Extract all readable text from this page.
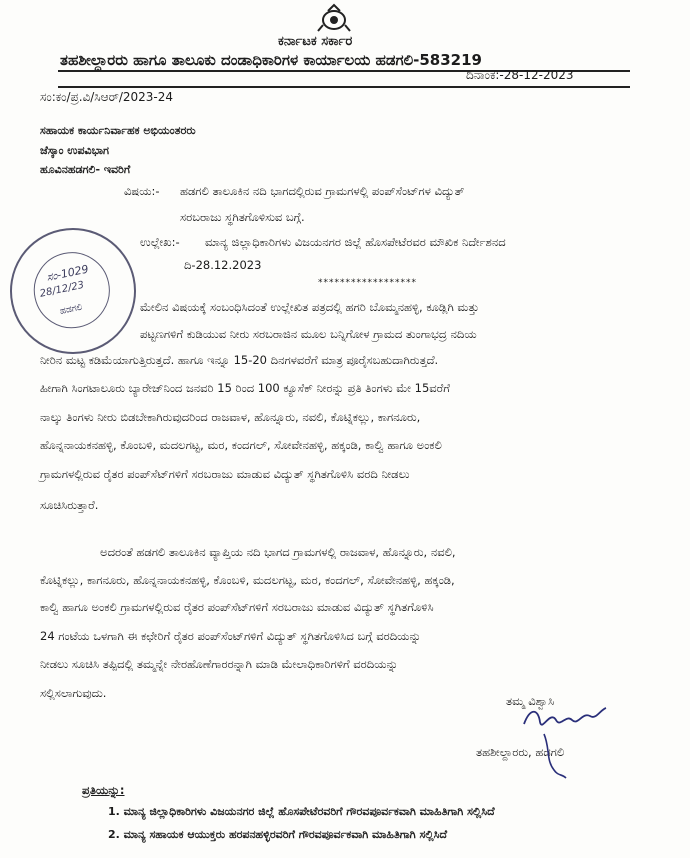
ಕರ್ನಾಟಕ ಸರ್ಕಾರ
ತಹಶೀಲ್ದಾರರು ಹಾಗೂ ತಾಲೂಕು ದಂಡಾಧಿಕಾರಿಗಳ ಕಾರ್ಯಾಲಯ ಹಡಗಲಿ-583219
ದಿನಾಂಕ:-28-12-2023
ಸಂ:ಕಂ/ಪ್ರ.ವಿ/ಸಿಆರ್/2023-24
ಸಹಾಯಕ ಕಾರ್ಯನಿರ್ವಾಹಕ ಅಭಿಯಂತರರು
ಜೆಸ್ಕಾಂ ಉಪವಿಭಾಗ
ಹೂವಿನಹಡಗಲಿ- ಇವರಿಗೆ
ವಿಷಯ:- ಹಡಗಲಿ ತಾಲೂಕಿನ ನದಿ ಭಾಗದಲ್ಲಿರುವ ಗ್ರಾಮಗಳಲ್ಲಿ ಪಂಪ್‌ಸೆಂಟ್‌ಗಳ ವಿದ್ಯುತ್
ಸರಬರಾಜು ಸ್ಥಗಿತಗೊಳಿಸುವ ಬಗ್ಗೆ.
ಉಲ್ಲೇಖ:- ಮಾನ್ಯ ಜಿಲ್ಲಾಧಿಕಾರಿಗಳು ವಿಜಯನಗರ ಜಿಲ್ಲೆ ಹೊಸಪೇಟೆರವರ ಮೌಖಿಕ ನಿರ್ದೇಶನದ
ದಿ-28.12.2023
******************
ಮೇಲಿನ ವಿಷಯಕ್ಕೆ ಸಂಬಂಧಿಸಿದಂತೆ ಉಲ್ಲೇಖಿತ ಪತ್ರದಲ್ಲಿ ಹಗರಿ ಬೊಮ್ಮನಹಳ್ಳಿ, ಕೂಡ್ಲಿಗಿ ಮತ್ತು
ಪಟ್ಟಣಗಳಿಗೆ ಕುಡಿಯುವ ನೀರು ಸರಬರಾಜಿನ ಮೂಲ ಬನ್ನಿಗೋಳ ಗ್ರಾಮದ ತುಂಗಾಭದ್ರ ನದಿಯ
ನೀರಿನ ಮಟ್ಟ ಕಡಿಮೆಯಾಗುತ್ತಿರುತ್ತದೆ. ಹಾಗೂ ಇನ್ನೂ 15-20 ದಿನಗಳವರೆಗೆ ಮಾತ್ರ ಪೂರೈಸಬಹುದಾಗಿರುತ್ತದೆ.
ಹೀಗಾಗಿ ಸಿಂಗಟಾಲೂರು ಬ್ಯಾರೇಜ್‌ನಿಂದ ಜನವರಿ 15 ರಿಂದ 100 ಕ್ಯೂಸೆಕ್ ನೀರನ್ನು ಪ್ರತಿ ತಿಂಗಳು ಮೇ 15ವರೆಗೆ
ನಾಲ್ಕು ತಿಂಗಳು ನೀರು ಬಿಡಬೇಕಾಗಿರುವುದರಿಂದ ರಾಜವಾಳ, ಹೊನ್ನೂರು, ನವಲಿ, ಕೊಟ್ನಿಕಲ್ಲು, ಕಾಗನೂರು,
ಹೊನ್ನನಾಯಕನಹಳ್ಳಿ, ಕೊಂಬಳಿ, ಮದಲಗಟ್ಟ, ಮರ, ಕಂದಗಲ್, ಸೋವೇನಹಳ್ಳಿ, ಹಕ್ಕಂಡಿ, ಕಾಲ್ವಿ ಹಾಗೂ ಅಂಕಲಿ
ಗ್ರಾಮಗಳಲ್ಲಿರುವ ರೈತರ ಪಂಪ್‌ಸೆಟ್‌ಗಳಿಗೆ ಸರಬರಾಜು ಮಾಡುವ ವಿದ್ಯುತ್ ಸ್ಥಗಿತಗೊಳಿಸಿ ವರದಿ ನೀಡಲು
ಸೂಚಿಸಿರುತ್ತಾರೆ.
ಅದರಂತೆ ಹಡಗಲಿ ತಾಲೂಕಿನ ವ್ಯಾಪ್ತಿಯ ನದಿ ಭಾಗದ ಗ್ರಾಮಗಳಲ್ಲಿ ರಾಜವಾಳ, ಹೊನ್ನೂರು, ನವಲಿ,
ಕೊಟ್ನಿಕಲ್ಲು, ಕಾಗನೂರು, ಹೊನ್ನನಾಯಕನಹಳ್ಳಿ, ಕೊಂಬಳಿ, ಮದಲಗಟ್ಟ, ಮರ, ಕಂದಗಲ್, ಸೋವೇನಹಳ್ಳಿ, ಹಕ್ಕಂಡಿ,
ಕಾಲ್ವಿ ಹಾಗೂ ಅಂಕಲಿ ಗ್ರಾಮಗಳಲ್ಲಿರುವ ರೈತರ ಪಂಪ್‌ಸೆಟ್‌ಗಳಿಗೆ ಸರಬರಾಜು ಮಾಡುವ ವಿದ್ಯುತ್ ಸ್ಥಗಿತಗೊಳಿಸಿ
24 ಗಂಟೆಯ ಒಳಗಾಗಿ ಈ ಕಛೇರಿಗೆ ರೈತರ ಪಂಪ್‌ಸೆಂಟ್‌ಗಳಿಗೆ ವಿದ್ಯುತ್ ಸ್ಥಗಿತಗೊಳಿಸಿದ ಬಗ್ಗೆ ವರದಿಯನ್ನು
ನೀಡಲು ಸೂಚಿಸಿ ತಪ್ಪಿದಲ್ಲಿ ತಮ್ಮನ್ನೇ ನೇರಹೊಣೆಗಾರರನ್ನಾಗಿ ಮಾಡಿ ಮೇಲಾಧಿಕಾರಿಗಳಿಗೆ ವರದಿಯನ್ನು
ಸಲ್ಲಿಸಲಾಗುವುದು.
ಸಂ-1029
28/12/23
ಹಡಗಲಿ
ತಮ್ಮ ವಿಶ್ವಾಸಿ
ತಹಶೀಲ್ದಾರರು, ಹಡಗಲಿ
ಪ್ರತಿಯನ್ನು:
1. ಮಾನ್ಯ ಜಿಲ್ಲಾಧಿಕಾರಿಗಳು ವಿಜಯನಗರ ಜಿಲ್ಲೆ ಹೊಸಪೇಟೆರವರಿಗೆ ಗೌರವಪೂರ್ವಕವಾಗಿ ಮಾಹಿತಿಗಾಗಿ ಸಲ್ಲಿಸಿದೆ
2. ಮಾನ್ಯ ಸಹಾಯಕ ಆಯುಕ್ತರು ಹರಪನಹಳ್ಳಿರವರಿಗೆ ಗೌರವಪೂರ್ವಕವಾಗಿ ಮಾಹಿತಿಗಾಗಿ ಸಲ್ಲಿಸಿದೆ
